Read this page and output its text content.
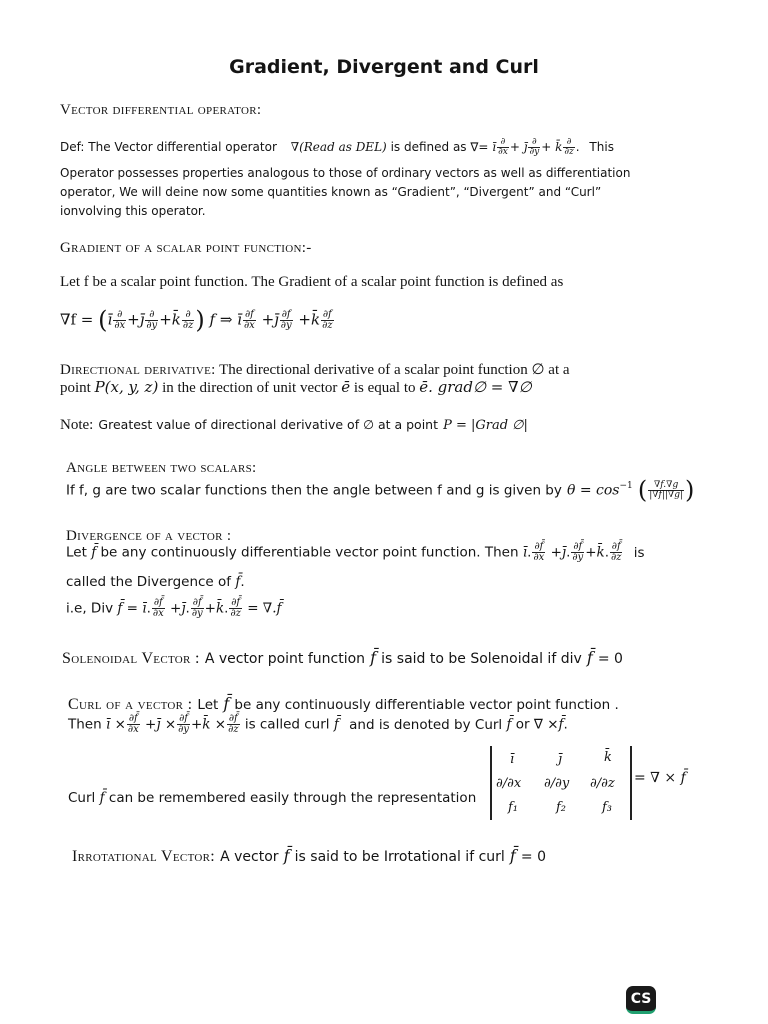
Gradient, Divergent and Curl
Vector differential operator:
Def: The Vector differential operator ∇(Read as DEL) is defined as ∇= ī $\frac{\partial}{\partial x}$ + j̄ $\frac{\partial}{\partial y}$ + k̄ $\frac{\partial}{\partial z}$ . This
Operator possesses properties analogous to those of ordinary vectors as well as differentiation
operator, We will deine now some quantities known as “Gradient”, “Divergent” and “Curl”
ionvolving this operator.
Gradient of a scalar point function:-
Let f be a scalar point function. The Gradient of a scalar point function is defined as
∇f = (ī $\frac{\partial}{\partial x}$ +j̄ $\frac{\partial}{\partial y}$ +k̄ $\frac{\partial}{\partial z}$ ) f ⇒ ī $\frac{\partial f}{\partial x}$ +j̄ $\frac{\partial f}{\partial y}$ +k̄ $\frac{\partial f}{\partial z}$
Directional derivative: The directional derivative of a scalar point function ∅ at a
point P(x, y, z) in the direction of unit vector ē is equal to ē. grad∅ = ∇∅
Note: Greatest value of directional derivative of ∅ at a point P = |Grad ∅|
Angle between two scalars:
If f, g are two scalar functions then the angle between f and g is given by $\theta = \cos^{-1}$ ( $\frac{\nabla f.\nabla g}{|\nabla f||\nabla g|}$ )
Divergence of a vector :
Let f̄ be any continuously differentiable vector point function. Then ī. $\frac{\partial f̄}{\partial x}$ +j̄. $\frac{\partial f̄}{\partial y}$ +k̄. $\frac{\partial f̄}{\partial z}$ is
called the Divergence of f̄.
i.e, Div f̄ = ī. $\frac{\partial f̄}{\partial x}$ +j̄. $\frac{\partial f̄}{\partial y}$ +k̄. $\frac{\partial f̄}{\partial z}$ = ∇.f̄
Solenoidal Vector : A vector point function f̄ is said to be Solenoidal if div f̄ = 0
Curl of a vector : Let f̄ be any continuously differentiable vector point function .
Then ī × $\frac{\partial f̄}{\partial x}$ +j̄ × $\frac{\partial f̄}{\partial y}$ +k̄ × $\frac{\partial f̄}{\partial z}$ is called curl f̄ and is denoted by Curl f̄ or ∇ ×f̄.
Curl f̄ can be remembered easily through the representation
ī	j̄	k̄
∂/∂x ∂/∂y ∂/∂z
f₁	f₂	f₃
= ∇ × f̄
Irrotational Vector: A vector f̄ is said to be Irrotational if curl f̄ = 0
CS
